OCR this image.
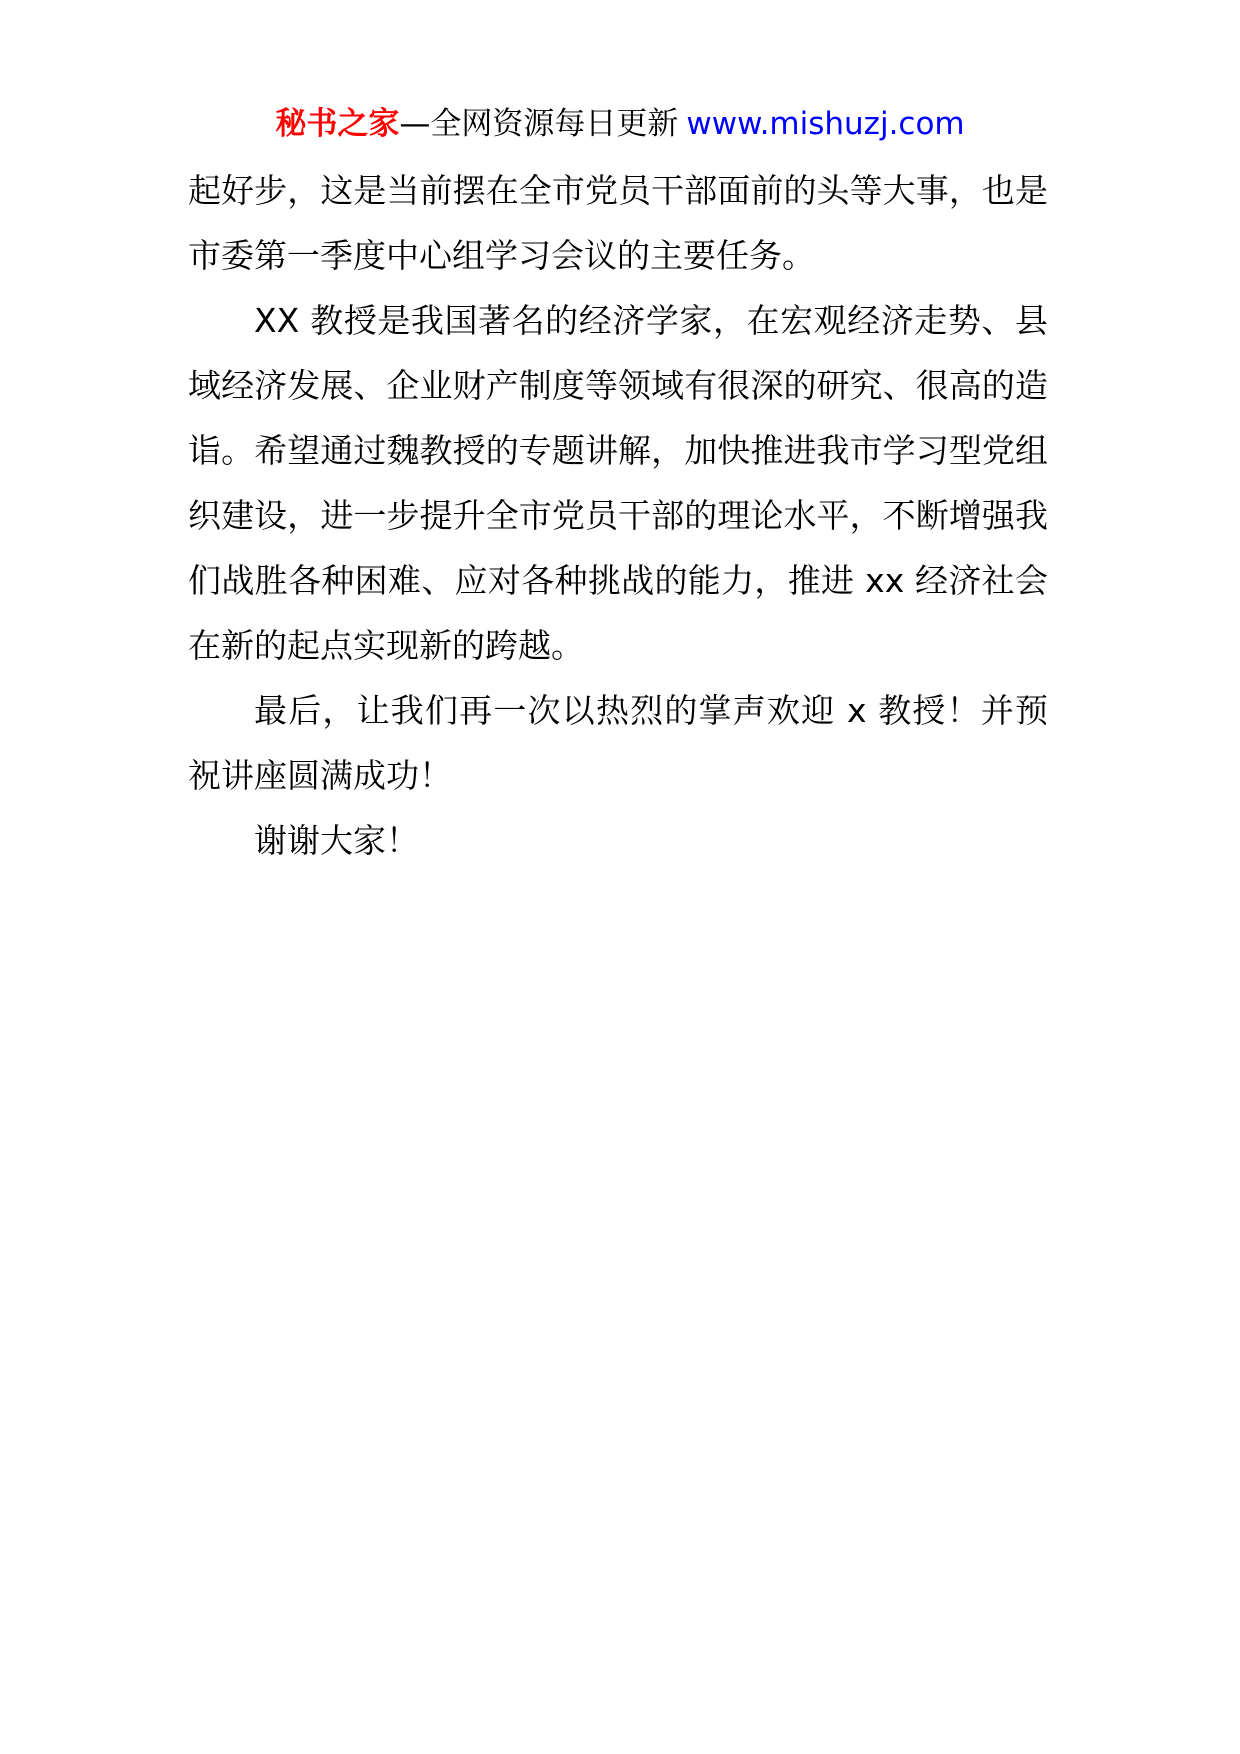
秘书之家—全网资源每日更新 www.mishuzj.com

起好步，这是当前摆在全市党员干部面前的头等大事，也是市委第一季度中心组学习会议的主要任务。

XX 教授是我国著名的经济学家，在宏观经济走势、县域经济发展、企业财产制度等领域有很深的研究、很高的造诣。希望通过魏教授的专题讲解，加快推进我市学习型党组织建设，进一步提升全市党员干部的理论水平，不断增强我们战胜各种困难、应对各种挑战的能力，推进 xx 经济社会在新的起点实现新的跨越。

最后，让我们再一次以热烈的掌声欢迎 x 教授！并预祝讲座圆满成功！

谢谢大家！
